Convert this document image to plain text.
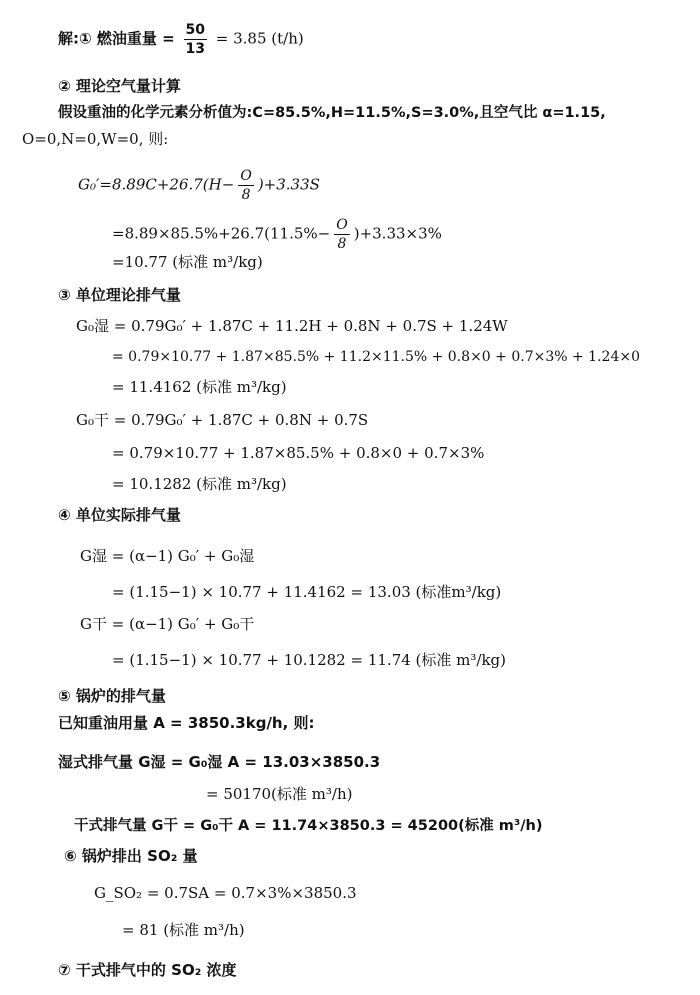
解:① 燃油重量 = $\frac{50}{13} = 3.85$ (t/h)
② 理论空气量计算
假设重油的化学元素分析值为:C=85.5%,H=11.5%,S=3.0%,且空气比 α=1.15,
O=0,N=0,W=0, 则:
$G_0'=8.89C+26.7(H- \frac{O}{8} )+3.33S$
$=8.89\times 85.5\%+26.7(11.5\%- \frac{O}{8} )+3.33\times 3\%$
=10.77 (标准 m³/kg)
③ 单位理论排气量
G₀湿 = 0.79G₀′ + 1.87C + 11.2H + 0.8N + 0.7S + 1.24W
= 0.79×10.77 + 1.87×85.5% + 11.2×11.5% + 0.8×0 + 0.7×3% + 1.24×0
= 11.4162 (标准 m³/kg)
G₀干 = 0.79G₀′ + 1.87C + 0.8N + 0.7S
= 0.79×10.77 + 1.87×85.5% + 0.8×0 + 0.7×3%
= 10.1282 (标准 m³/kg)
④ 单位实际排气量
G湿 = (α−1) G₀′ + G₀湿
= (1.15−1) × 10.77 + 11.4162 = 13.03 (标准m³/kg)
G干 = (α−1) G₀′ + G₀干
= (1.15−1) × 10.77 + 10.1282 = 11.74 (标准 m³/kg)
⑤ 锅炉的排气量
已知重油用量 A = 3850.3kg/h, 则:
湿式排气量 G湿 = G₀湿 A = 13.03×3850.3
= 50170(标准 m³/h)
干式排气量 G干 = G₀干 A = 11.74×3850.3 = 45200(标准 m³/h)
⑥ 锅炉排出 SO₂ 量
G_SO₂ = 0.7SA = 0.7×3%×3850.3
= 81 (标准 m³/h)
⑦ 干式排气中的 SO₂ 浓度
